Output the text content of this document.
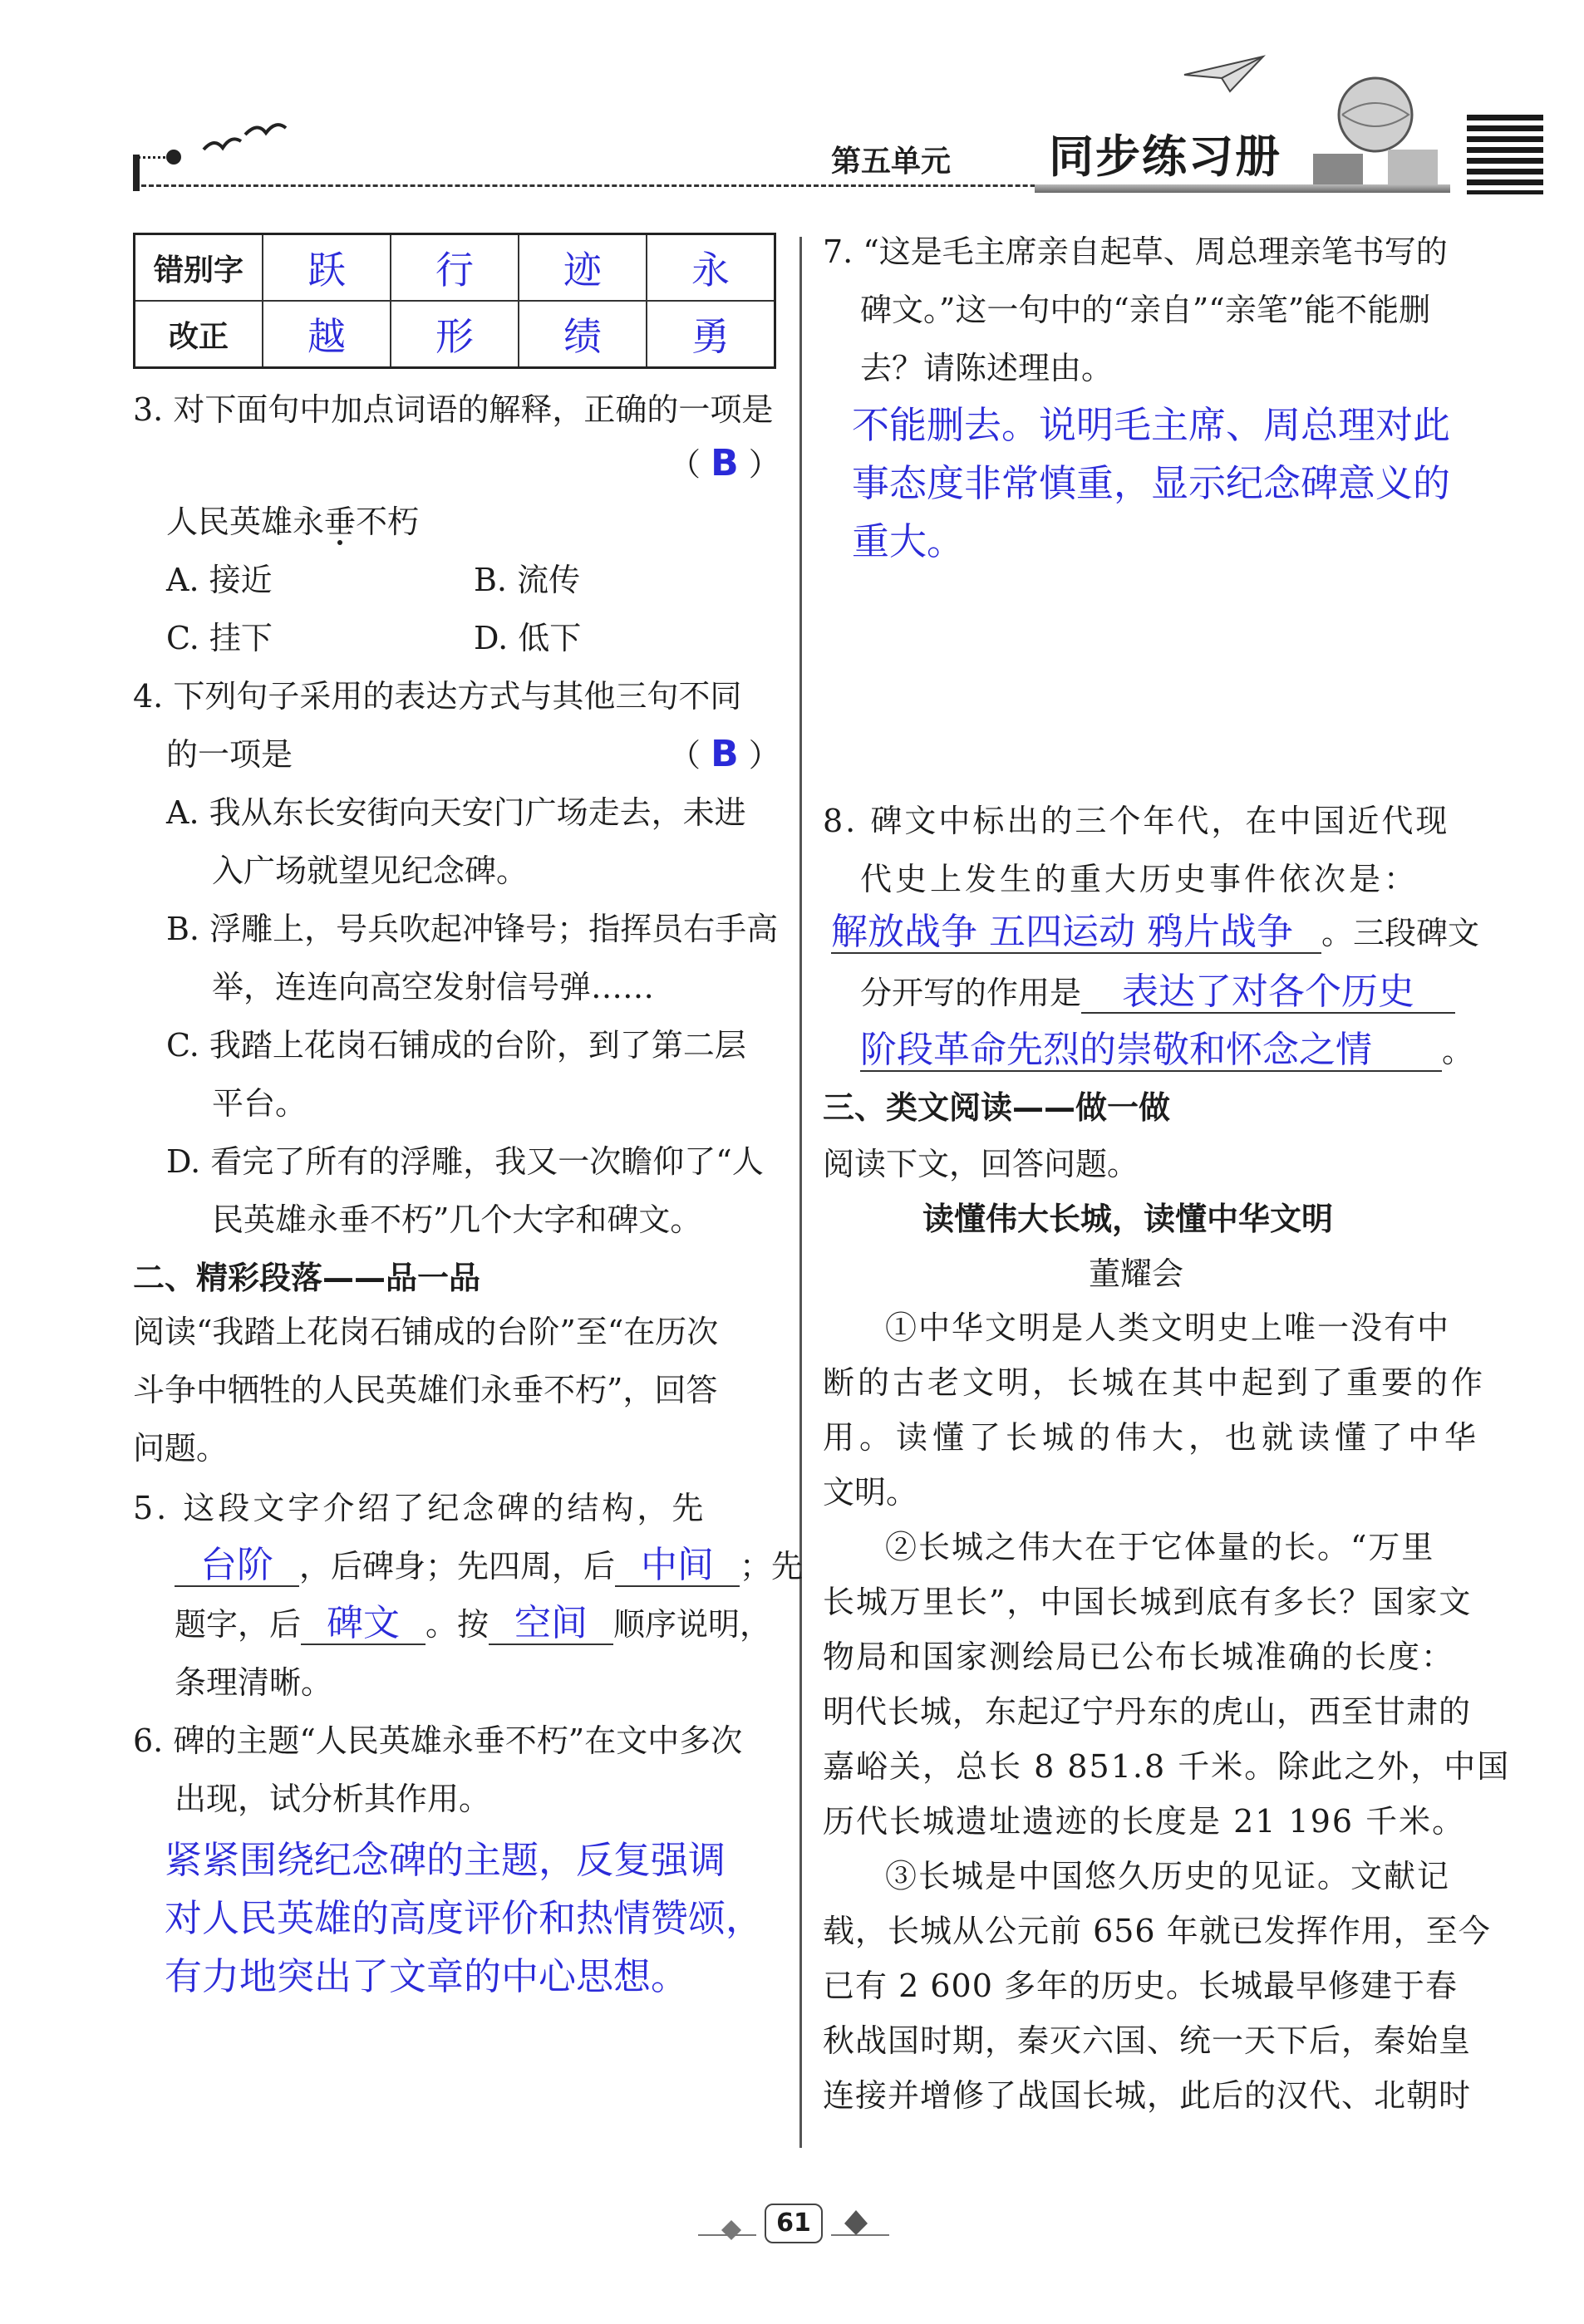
第五单元 同步练习册
错别字	跃	行	迹	永
改正	越	形	绩	勇
3. 对下面句中加点词语的解释，正确的一项是
（ B ）
人民英雄永垂不朽
A. 接近	B. 流传
C. 挂下	D. 低下
4. 下列句子采用的表达方式与其他三句不同
的一项是	（ B ）
A. 我从东长安街向天安门广场走去，未进
入广场就望见纪念碑。
B. 浮雕上，号兵吹起冲锋号；指挥员右手高
举，连连向高空发射信号弹……
C. 我踏上花岗石铺成的台阶，到了第二层
平台。
D. 看完了所有的浮雕，我又一次瞻仰了“人
民英雄永垂不朽”几个大字和碑文。
二、精彩段落——品一品
阅读“我踏上花岗石铺成的台阶”至“在历次
斗争中牺牲的人民英雄们永垂不朽”，回答
问题。
5. 这段文字介绍了纪念碑的结构，先
台阶 ，后碑身；先四周，后 中间 ；先
题字，后 碑文 。按 空间 顺序说明，
条理清晰。
6. 碑的主题“人民英雄永垂不朽”在文中多次
出现，试分析其作用。
紧紧围绕纪念碑的主题，反复强调
对人民英雄的高度评价和热情赞颂，
有力地突出了文章的中心思想。
7. “这是毛主席亲自起草、周总理亲笔书写的
碑文。”这一句中的“亲自”“亲笔”能不能删
去？请陈述理由。
不能删去。说明毛主席、周总理对此
事态度非常慎重，显示纪念碑意义的
重大。
8. 碑文中标出的三个年代，在中国近代现
代史上发生的重大历史事件依次是：
解放战争 五四运动 鸦片战争 。三段碑文
分开写的作用是 表达了对各个历史
阶段革命先烈的崇敬和怀念之情 。
三、类文阅读——做一做
阅读下文，回答问题。
读懂伟大长城，读懂中华文明
董耀会
①中华文明是人类文明史上唯一没有中
断的古老文明，长城在其中起到了重要的作
用。读懂了长城的伟大，也就读懂了中华
文明。
②长城之伟大在于它体量的长。“万里
长城万里长”，中国长城到底有多长？国家文
物局和国家测绘局已公布长城准确的长度：
明代长城，东起辽宁丹东的虎山，西至甘肃的
嘉峪关，总长 8 851.8 千米。除此之外，中国
历代长城遗址遗迹的长度是 21 196 千米。
③长城是中国悠久历史的见证。文献记
载，长城从公元前 656 年就已发挥作用，至今
已有 2 600 多年的历史。长城最早修建于春
秋战国时期，秦灭六国、统一天下后，秦始皇
连接并增修了战国长城，此后的汉代、北朝时
61
